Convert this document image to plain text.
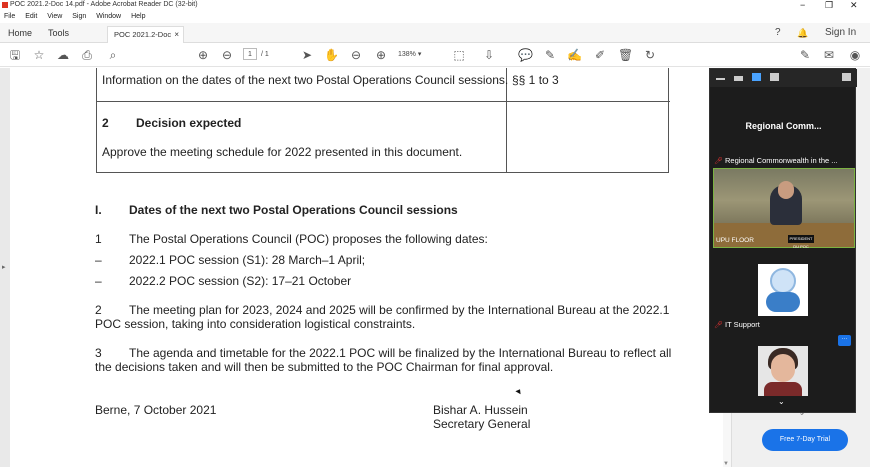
POC 2021.2-Doc 14.pdf - Adobe Acrobat Reader DC (32-bit)	− ❐ ✕
File Edit View Sign Window Help
Home Tools	POC 2021.2-Doc ×	? 🔔 Sign In
🖫 ☆ ☁ ⎙	⌕	⊕ ⊖	1 / 1	➤ ✋ ⊖ ⊕ 138% ▾	⬚ ⇩ 💬 ✎ ✍ ✐ 🗑 ↻	✎ ✉ ◉
▸
▼
Information on the dates of the next two Postal Operations Council sessions. §§ 1 to 3
2 Decision expected
Approve the meeting schedule for 2022 presented in this document.
I. Dates of the next two Postal Operations Council sessions
1 The Postal Operations Council (POC) proposes the following dates:
– 2022.1 POC session (S1): 28 March–1 April;
– 2022.2 POC session (S2): 17–21 October
2 The meeting plan for 2023, 2024 and 2025 will be confirmed by the International Bureau at the 2022.1
POC session, taking into consideration logistical constraints.
3 The agenda and timetable for the 2022.1 POC will be finalized by the International Bureau to reflect all
the decisions taken and will then be submitted to the POC Chairman for final approval.
Berne, 7 October 2021	Bishar A. Hussein
Secretary General
Free 7-Day Trial
Regional Comm...
🎤︎ Regional Commonwealth in the ...
PRESIDENT DU POC
UPU FLOOR
🎤︎ IT Support
···
⌄
